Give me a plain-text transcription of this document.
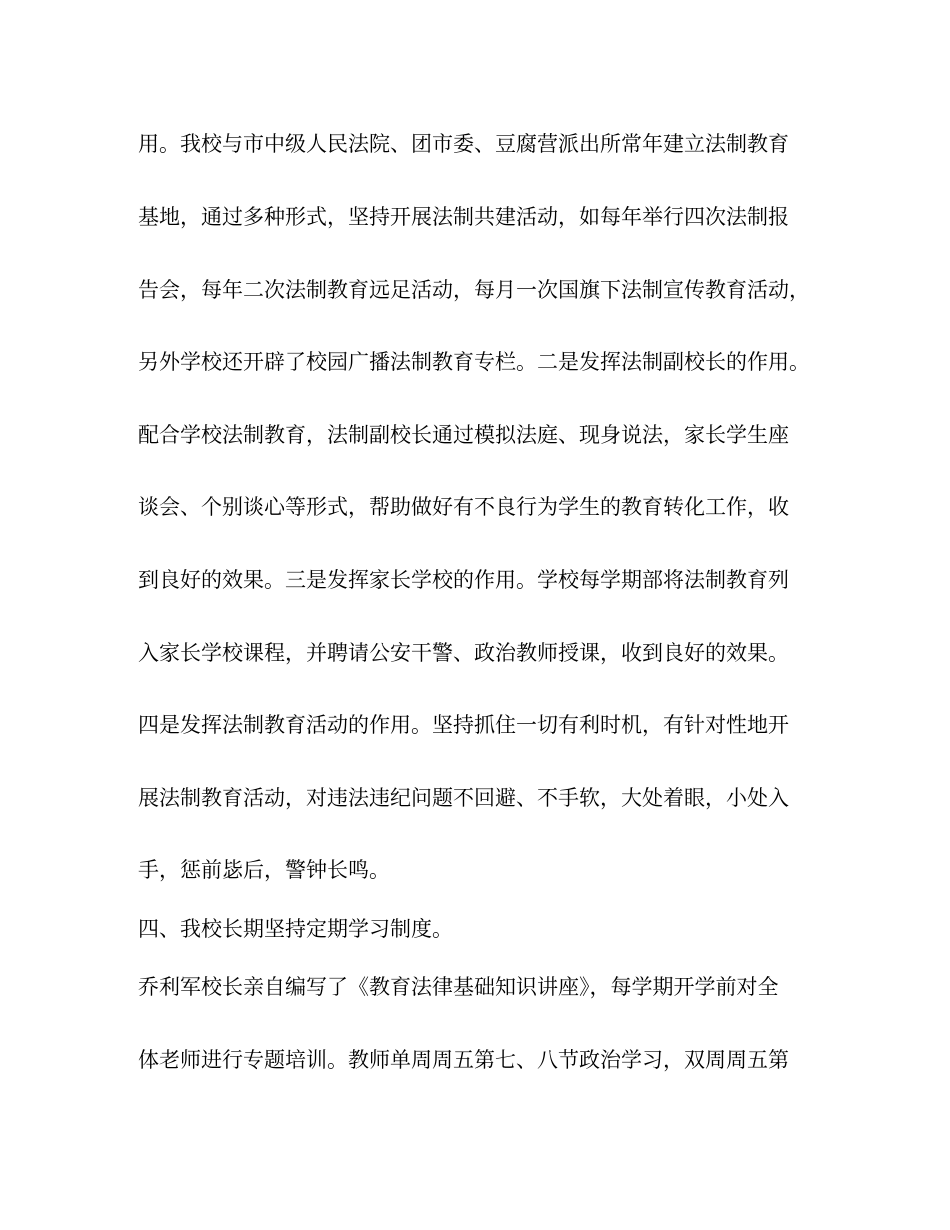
用。我校与市中级人民法院、团市委、豆腐营派出所常年建立法制教育
基地，通过多种形式，坚持开展法制共建活动，如每年举行四次法制报
告会，每年二次法制教育远足活动，每月一次国旗下法制宣传教育活动，
另外学校还开辟了校园广播法制教育专栏。二是发挥法制副校长的作用。
配合学校法制教育，法制副校长通过模拟法庭、现身说法，家长学生座
谈会、个别谈心等形式，帮助做好有不良行为学生的教育转化工作，收
到良好的效果。三是发挥家长学校的作用。学校每学期部将法制教育列
入家长学校课程，并聘请公安干警、政治教师授课，收到良好的效果。
四是发挥法制教育活动的作用。坚持抓住一切有利时机，有针对性地开
展法制教育活动，对违法违纪问题不回避、不手软，大处着眼，小处入
手，惩前毖后，警钟长鸣。
四、我校长期坚持定期学习制度。
乔利军校长亲自编写了《教育法律基础知识讲座》，每学期开学前对全
体老师进行专题培训。教师单周周五第七、八节政治学习，双周周五第
